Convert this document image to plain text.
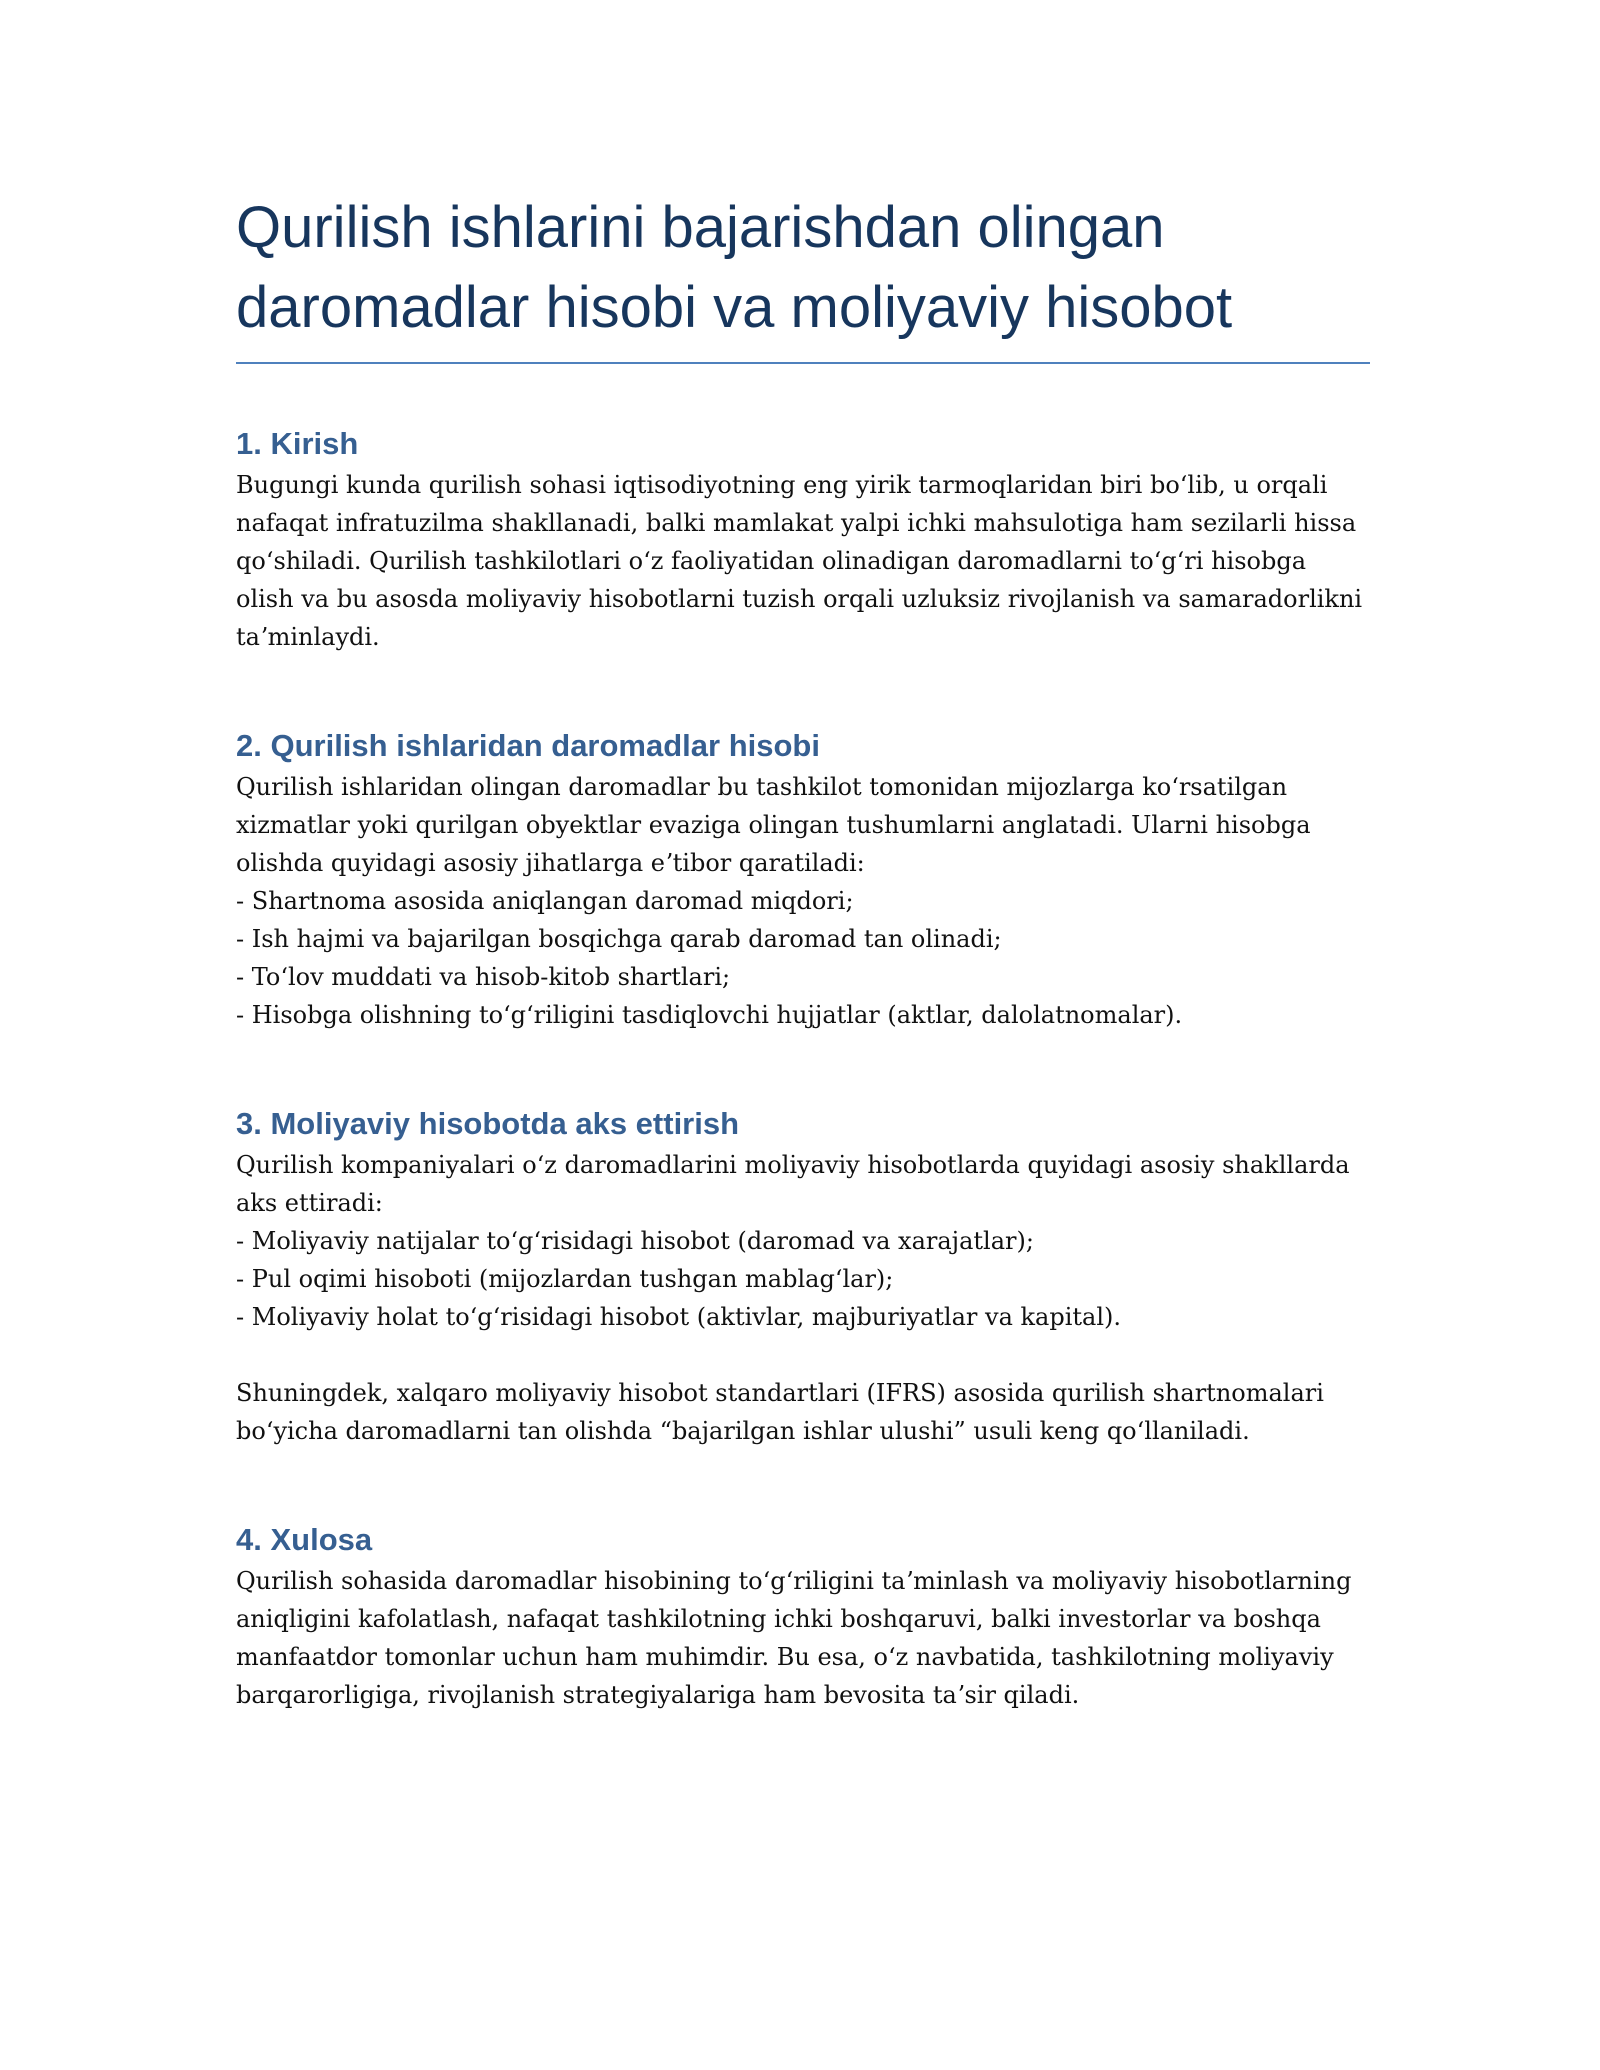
Qurilish ishlarini bajarishdan olingan daromadlar hisobi va moliyaviy hisobot
1. Kirish

Bugungi kunda qurilish sohasi iqtisodiyotning eng yirik tarmoqlaridan biri boʻlib, u orqali nafaqat infratuzilma shakllanadi, balki mamlakat yalpi ichki mahsulotiga ham sezilarli hissa qoʻshiladi. Qurilish tashkilotlari oʻz faoliyatidan olinadigan daromadlarni toʻgʻri hisobga olish va bu asosda moliyaviy hisobotlarni tuzish orqali uzluksiz rivojlanish va samaradorlikni taʼminlaydi.

2. Qurilish ishlaridan daromadlar hisobi

Qurilish ishlaridan olingan daromadlar bu tashkilot tomonidan mijozlarga koʻrsatilgan xizmatlar yoki qurilgan obyektlar evaziga olingan tushumlarni anglatadi. Ularni hisobga olishda quyidagi asosiy jihatlarga eʼtibor qaratiladi:

- Shartnoma asosida aniqlangan daromad miqdori;
- Ish hajmi va bajarilgan bosqichga qarab daromad tan olinadi;
- Toʻlov muddati va hisob-kitob shartlari;
- Hisobga olishning toʻgʻriligini tasdiqlovchi hujjatlar (aktlar, dalolatnomalar).
3. Moliyaviy hisobotda aks ettirish

Qurilish kompaniyalari oʻz daromadlarini moliyaviy hisobotlarda quyidagi asosiy shakllarda aks ettiradi:

- Moliyaviy natijalar toʻgʻrisidagi hisobot (daromad va xarajatlar);
- Pul oqimi hisoboti (mijozlardan tushgan mablagʻlar);
- Moliyaviy holat toʻgʻrisidagi hisobot (aktivlar, majburiyatlar va kapital).

Shuningdek, xalqaro moliyaviy hisobot standartlari (IFRS) asosida qurilish shartnomalari boʻyicha daromadlarni tan olishda “bajarilgan ishlar ulushi” usuli keng qoʻllaniladi.

4. Xulosa

Qurilish sohasida daromadlar hisobining toʻgʻriligini taʼminlash va moliyaviy hisobotlarning aniqligini kafolatlash, nafaqat tashkilotning ichki boshqaruvi, balki investorlar va boshqa manfaatdor tomonlar uchun ham muhimdir. Bu esa, oʻz navbatida, tashkilotning moliyaviy barqarorligiga, rivojlanish strategiyalariga ham bevosita taʼsir qiladi.
